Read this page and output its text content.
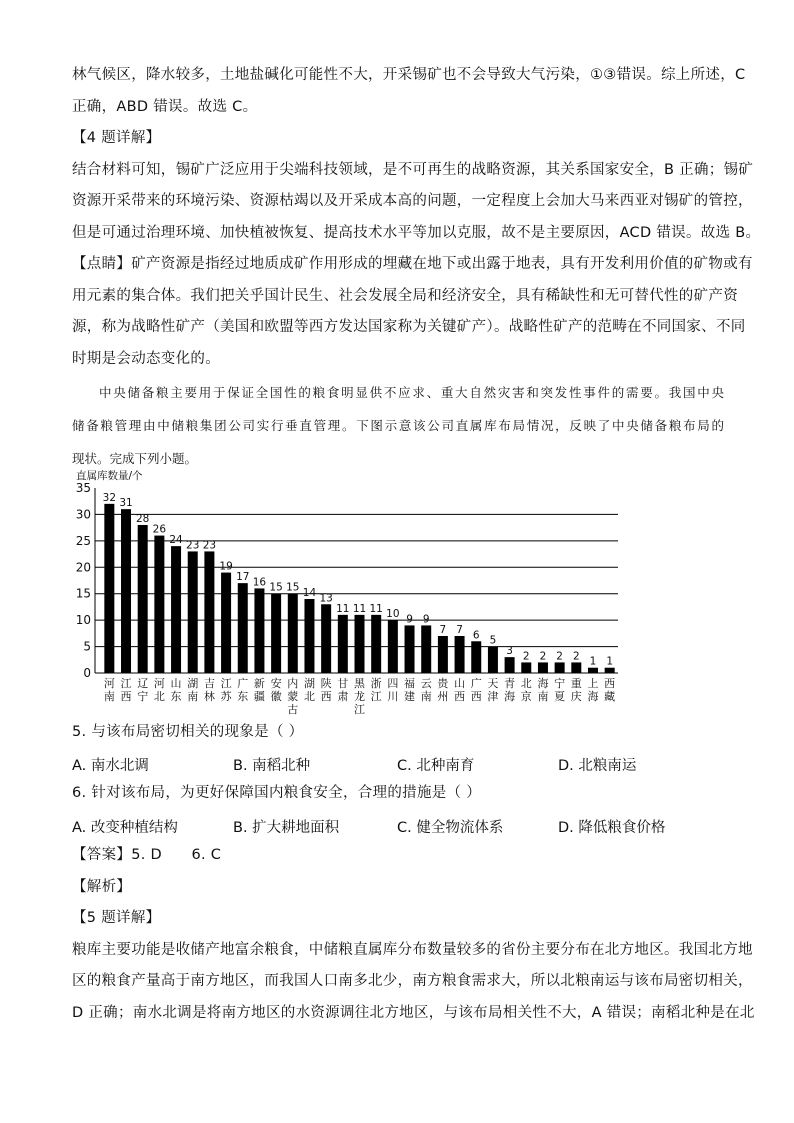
林气候区，降水较多，土地盐碱化可能性不大，开采锡矿也不会导致大气污染，①③错误。综上所述，C
正确，ABD 错误。故选 C。
【4 题详解】
结合材料可知，锡矿广泛应用于尖端科技领域，是不可再生的战略资源，其关系国家安全，B 正确；锡矿
资源开采带来的环境污染、资源枯竭以及开采成本高的问题，一定程度上会加大马来西亚对锡矿的管控，
但是可通过治理环境、加快植被恢复、提高技术水平等加以克服，故不是主要原因，ACD 错误。故选 B。
【点睛】矿产资源是指经过地质成矿作用形成的埋藏在地下或出露于地表，具有开发利用价值的矿物或有
用元素的集合体。我们把关乎国计民生、社会发展全局和经济安全，具有稀缺性和无可替代性的矿产资
源，称为战略性矿产（美国和欧盟等西方发达国家称为关键矿产）。战略性矿产的范畴在不同国家、不同
时期是会动态变化的。
中央储备粮主要用于保证全国性的粮食明显供不应求、重大自然灾害和突发性事件的需要。我国中央
储备粮管理由中储粮集团公司实行垂直管理。下图示意该公司直属库布局情况，反映了中央储备粮布局的
现状。完成下列小题。
直属库数量/个
0
5
10
15
20
25
30
35
32
河南
31
江西
28
辽宁
26
河北
24
山东
23
湖南
23
吉林
19
江苏
17
广东
16
新疆
15
安徽
15
内蒙古
14
湖北
13
陕西
11
甘肃
11
黑龙江
11
浙江
10
四川
9
福建
9
云南
7
贵州
7
山西
6
广西
5
天津
3
青海
2
北京
2
海南
2
宁夏
2
重庆
1
上海
1
西藏
5. 与该布局密切相关的现象是（ ）
A. 南水北调	B. 南稻北种	C. 北种南育	D. 北粮南运
6. 针对该布局，为更好保障国内粮食安全，合理的措施是（ ）
A. 改变种植结构	B. 扩大耕地面积	C. 健全物流体系	D. 降低粮食价格
【答案】5. D      6. C
【解析】
【5 题详解】
粮库主要功能是收储产地富余粮食，中储粮直属库分布数量较多的省份主要分布在北方地区。我国北方地
区的粮食产量高于南方地区，而我国人口南多北少，南方粮食需求大，所以北粮南运与该布局密切相关，
D 正确；南水北调是将南方地区的水资源调往北方地区，与该布局相关性不大，A 错误；南稻北种是在北
